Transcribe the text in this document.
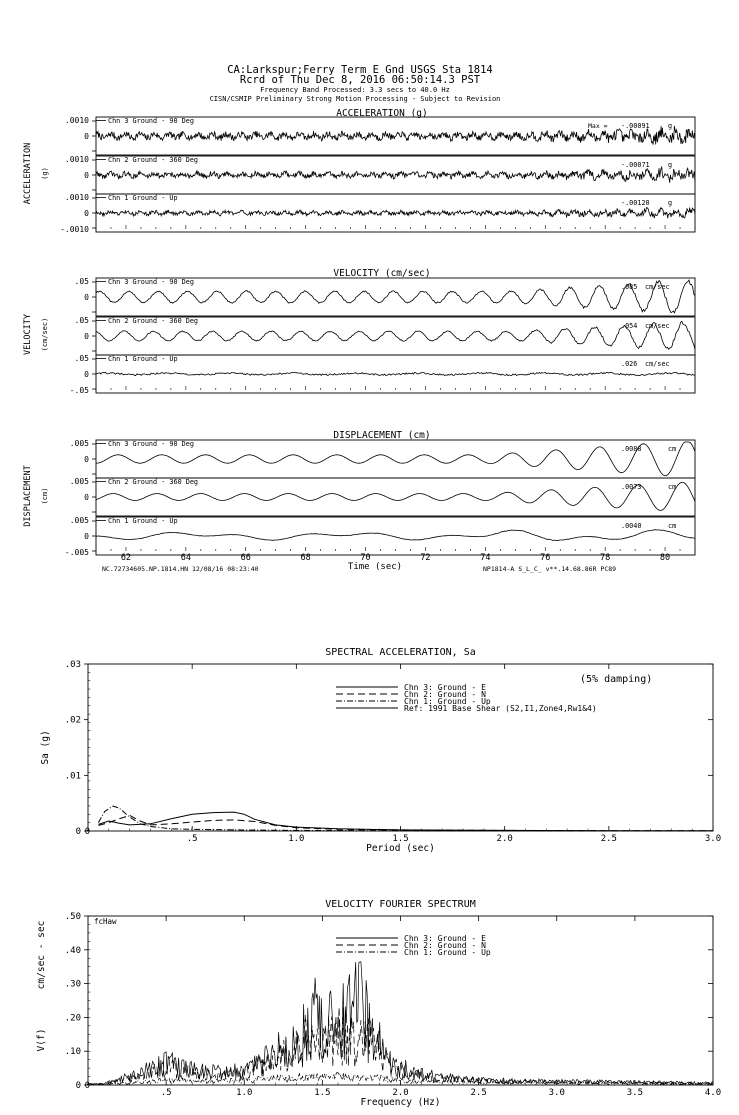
CA:Larkspur;Ferry Term E Gnd USGS Sta 1814
Rcrd of Thu Dec 8, 2016 06:50:14.3 PST
Frequency Band Processed: 3.3 secs to 40.0 Hz
CISN/CSMIP Preliminary Strong Motion Processing - Subject to Revision
ACCELERATION (g)
ACCELERATION (g)
0
.0010	Chn 3 Ground - 90 Deg
Max = -.00091	g
0
.0010	Chn 2 Ground - 360 Deg
-.00071	g
0
.0010
-.0010
Chn 1 Ground - Up
-.00120	g
VELOCITY (cm/sec)
VELOCITY (cm/sec)
0
.05	Chn 3 Ground - 90 Deg
.085 cm/sec
0
.05	Chn 2 Ground - 360 Deg
.054 cm/sec
0
.05
-.05
Chn 1 Ground - Up
.026 cm/sec
DISPLACEMENT (cm)
DISPLACEMENT (cm)
0
.005	Chn 3 Ground - 90 Deg
.0088	cm
0
.005	Chn 2 Ground - 360 Deg
.0073	cm
0
.005
-.005
Chn 1 Ground - Up
.0040	cm
62	64	66	68	70	72	74	76	78	80
Time (sec)
NC.72734605.NP.1814.HN 12/08/16 08:23:40	NP1814-A S_L_C_ v**.14.68.86R PC89
SPECTRAL ACCELERATION, Sa
.03
.02
.01
0
.5	1.0	1.5	2.0	2.5	3.0
0
Period (sec)
Sa (g)
(5% damping)
Chn 3: Ground - E
Chn 2: Ground - N
Chn 1: Ground - Up
Ref: 1991 Base Shear (S2,I1,Zone4,Rw1&4)
VELOCITY FOURIER SPECTRUM
.50
.40
.30
.20
.10
0
.5	1.0	1.5	2.0	2.5	3.0	3.5	4.0
0
Frequency (Hz)
V(f)
cm/sec - sec	fcHaw
Chn 3: Ground - E
Chn 2: Ground - N
Chn 1: Ground - Up
